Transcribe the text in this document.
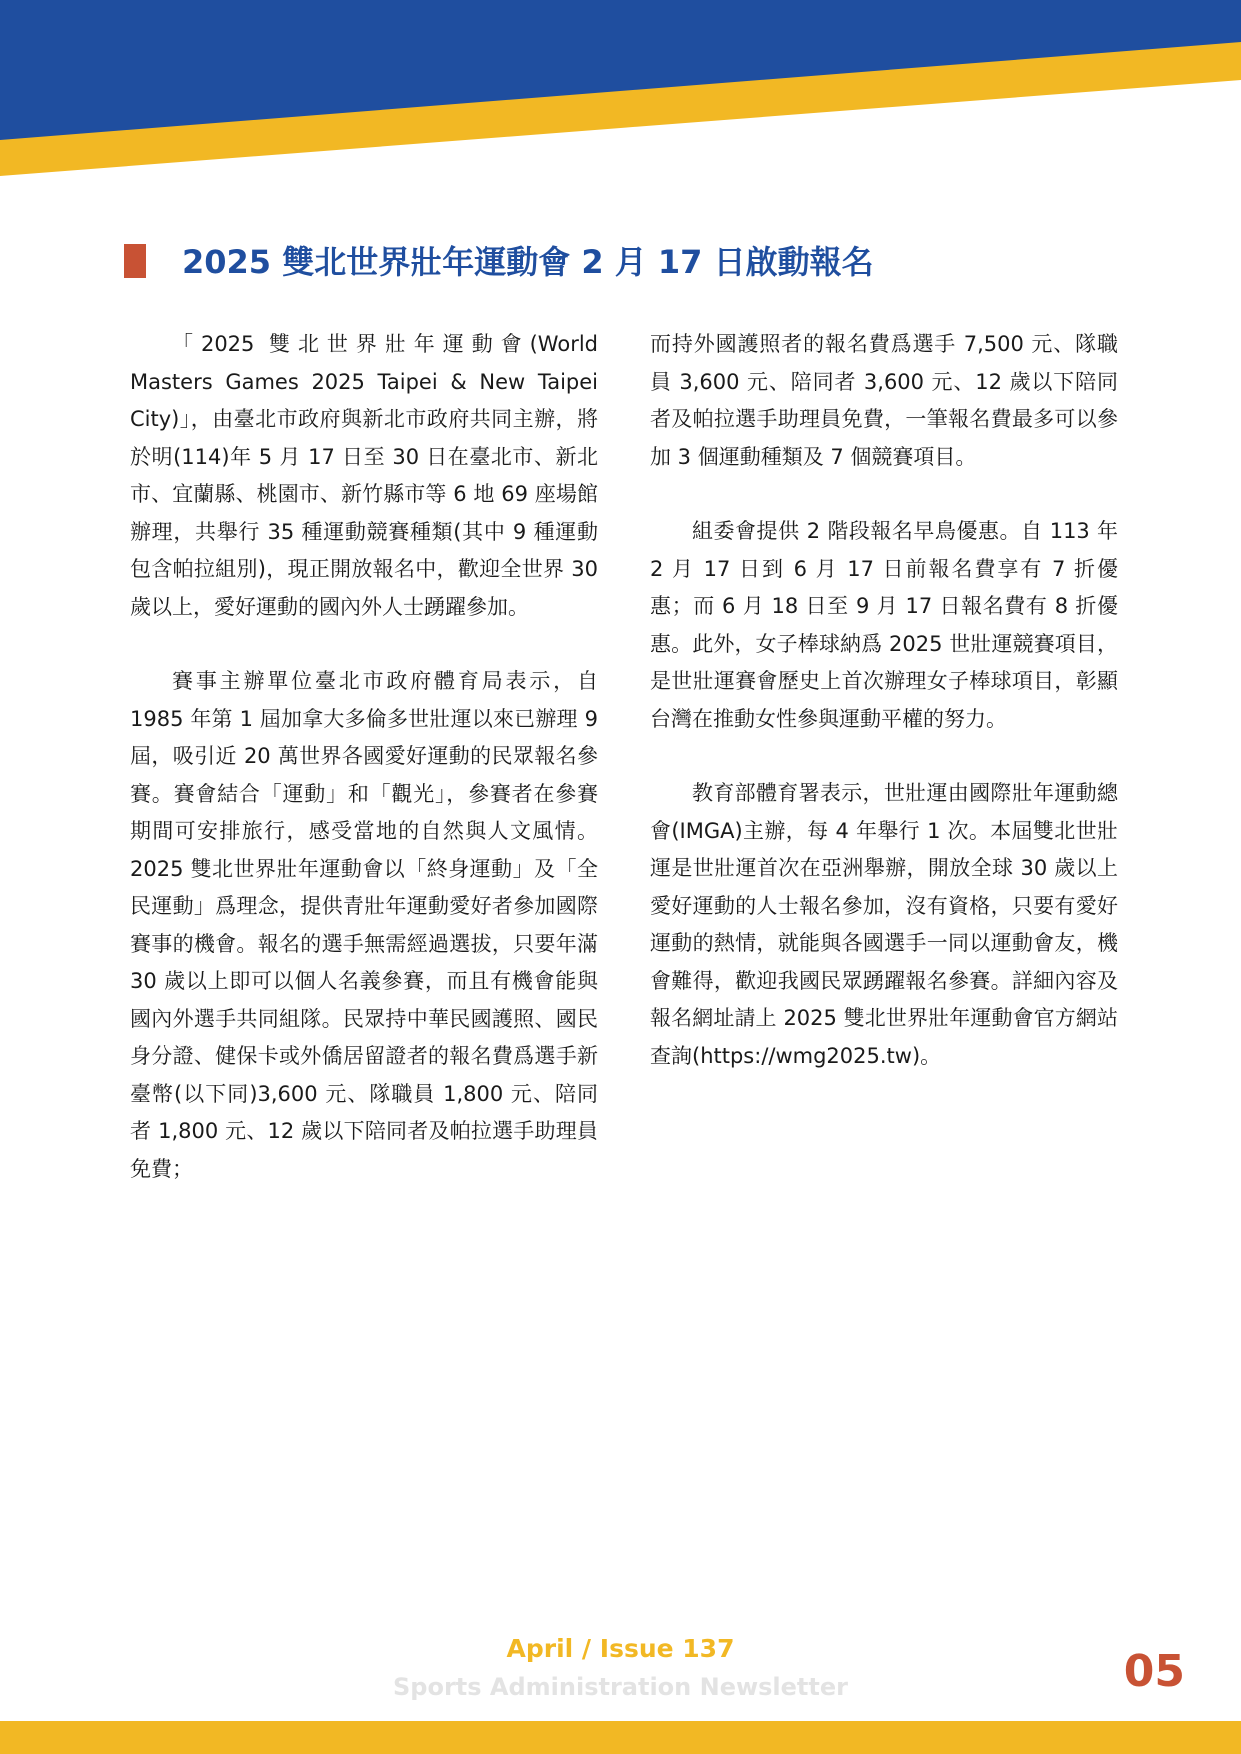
2025 雙北世界壯年運動會 2 月 17 日啟動報名

「2025 雙北世界壯年運動會(World Masters Games 2025 Taipei & New Taipei City)」，由臺北市政府與新北市政府共同主辦，將於明(114)年 5 月 17 日至 30 日在臺北市、新北市、宜蘭縣、桃園市、新竹縣市等 6 地 69 座場館辦理，共舉行 35 種運動競賽種類(其中 9 種運動包含帕拉組別)，現正開放報名中，歡迎全世界 30 歲以上，愛好運動的國內外人士踴躍參加。

賽事主辦單位臺北市政府體育局表示，自 1985 年第 1 屆加拿大多倫多世壯運以來已辦理 9 屆，吸引近 20 萬世界各國愛好運動的民眾報名參賽。賽會結合「運動」和「觀光」，參賽者在參賽期間可安排旅行，感受當地的自然與人文風情。2025 雙北世界壯年運動會以「終身運動」及「全民運動」爲理念，提供青壯年運動愛好者參加國際賽事的機會。報名的選手無需經過選拔，只要年滿 30 歲以上即可以個人名義參賽，而且有機會能與國內外選手共同組隊。民眾持中華民國護照、國民身分證、健保卡或外僑居留證者的報名費爲選手新臺幣(以下同)3,600 元、隊職員 1,800 元、陪同者 1,800 元、12 歲以下陪同者及帕拉選手助理員免費；

而持外國護照者的報名費爲選手 7,500 元、隊職員 3,600 元、陪同者 3,600 元、12 歲以下陪同者及帕拉選手助理員免費，一筆報名費最多可以參加 3 個運動種類及 7 個競賽項目。

組委會提供 2 階段報名早鳥優惠。自 113 年 2 月 17 日到 6 月 17 日前報名費享有 7 折優惠；而 6 月 18 日至 9 月 17 日報名費有 8 折優惠。此外，女子棒球納爲 2025 世壯運競賽項目，是世壯運賽會歷史上首次辦理女子棒球項目，彰顯台灣在推動女性參與運動平權的努力。

教育部體育署表示，世壯運由國際壯年運動總會(IMGA)主辦，每 4 年舉行 1 次。本屆雙北世壯運是世壯運首次在亞洲舉辦，開放全球 30 歲以上愛好運動的人士報名參加，沒有資格，只要有愛好運動的熱情，就能與各國選手一同以運動會友，機會難得，歡迎我國民眾踴躍報名參賽。詳細內容及報名網址請上 2025 雙北世界壯年運動會官方網站查詢(https://wmg2025.tw)。

April / Issue 137
Sports Administration Newsletter	05
